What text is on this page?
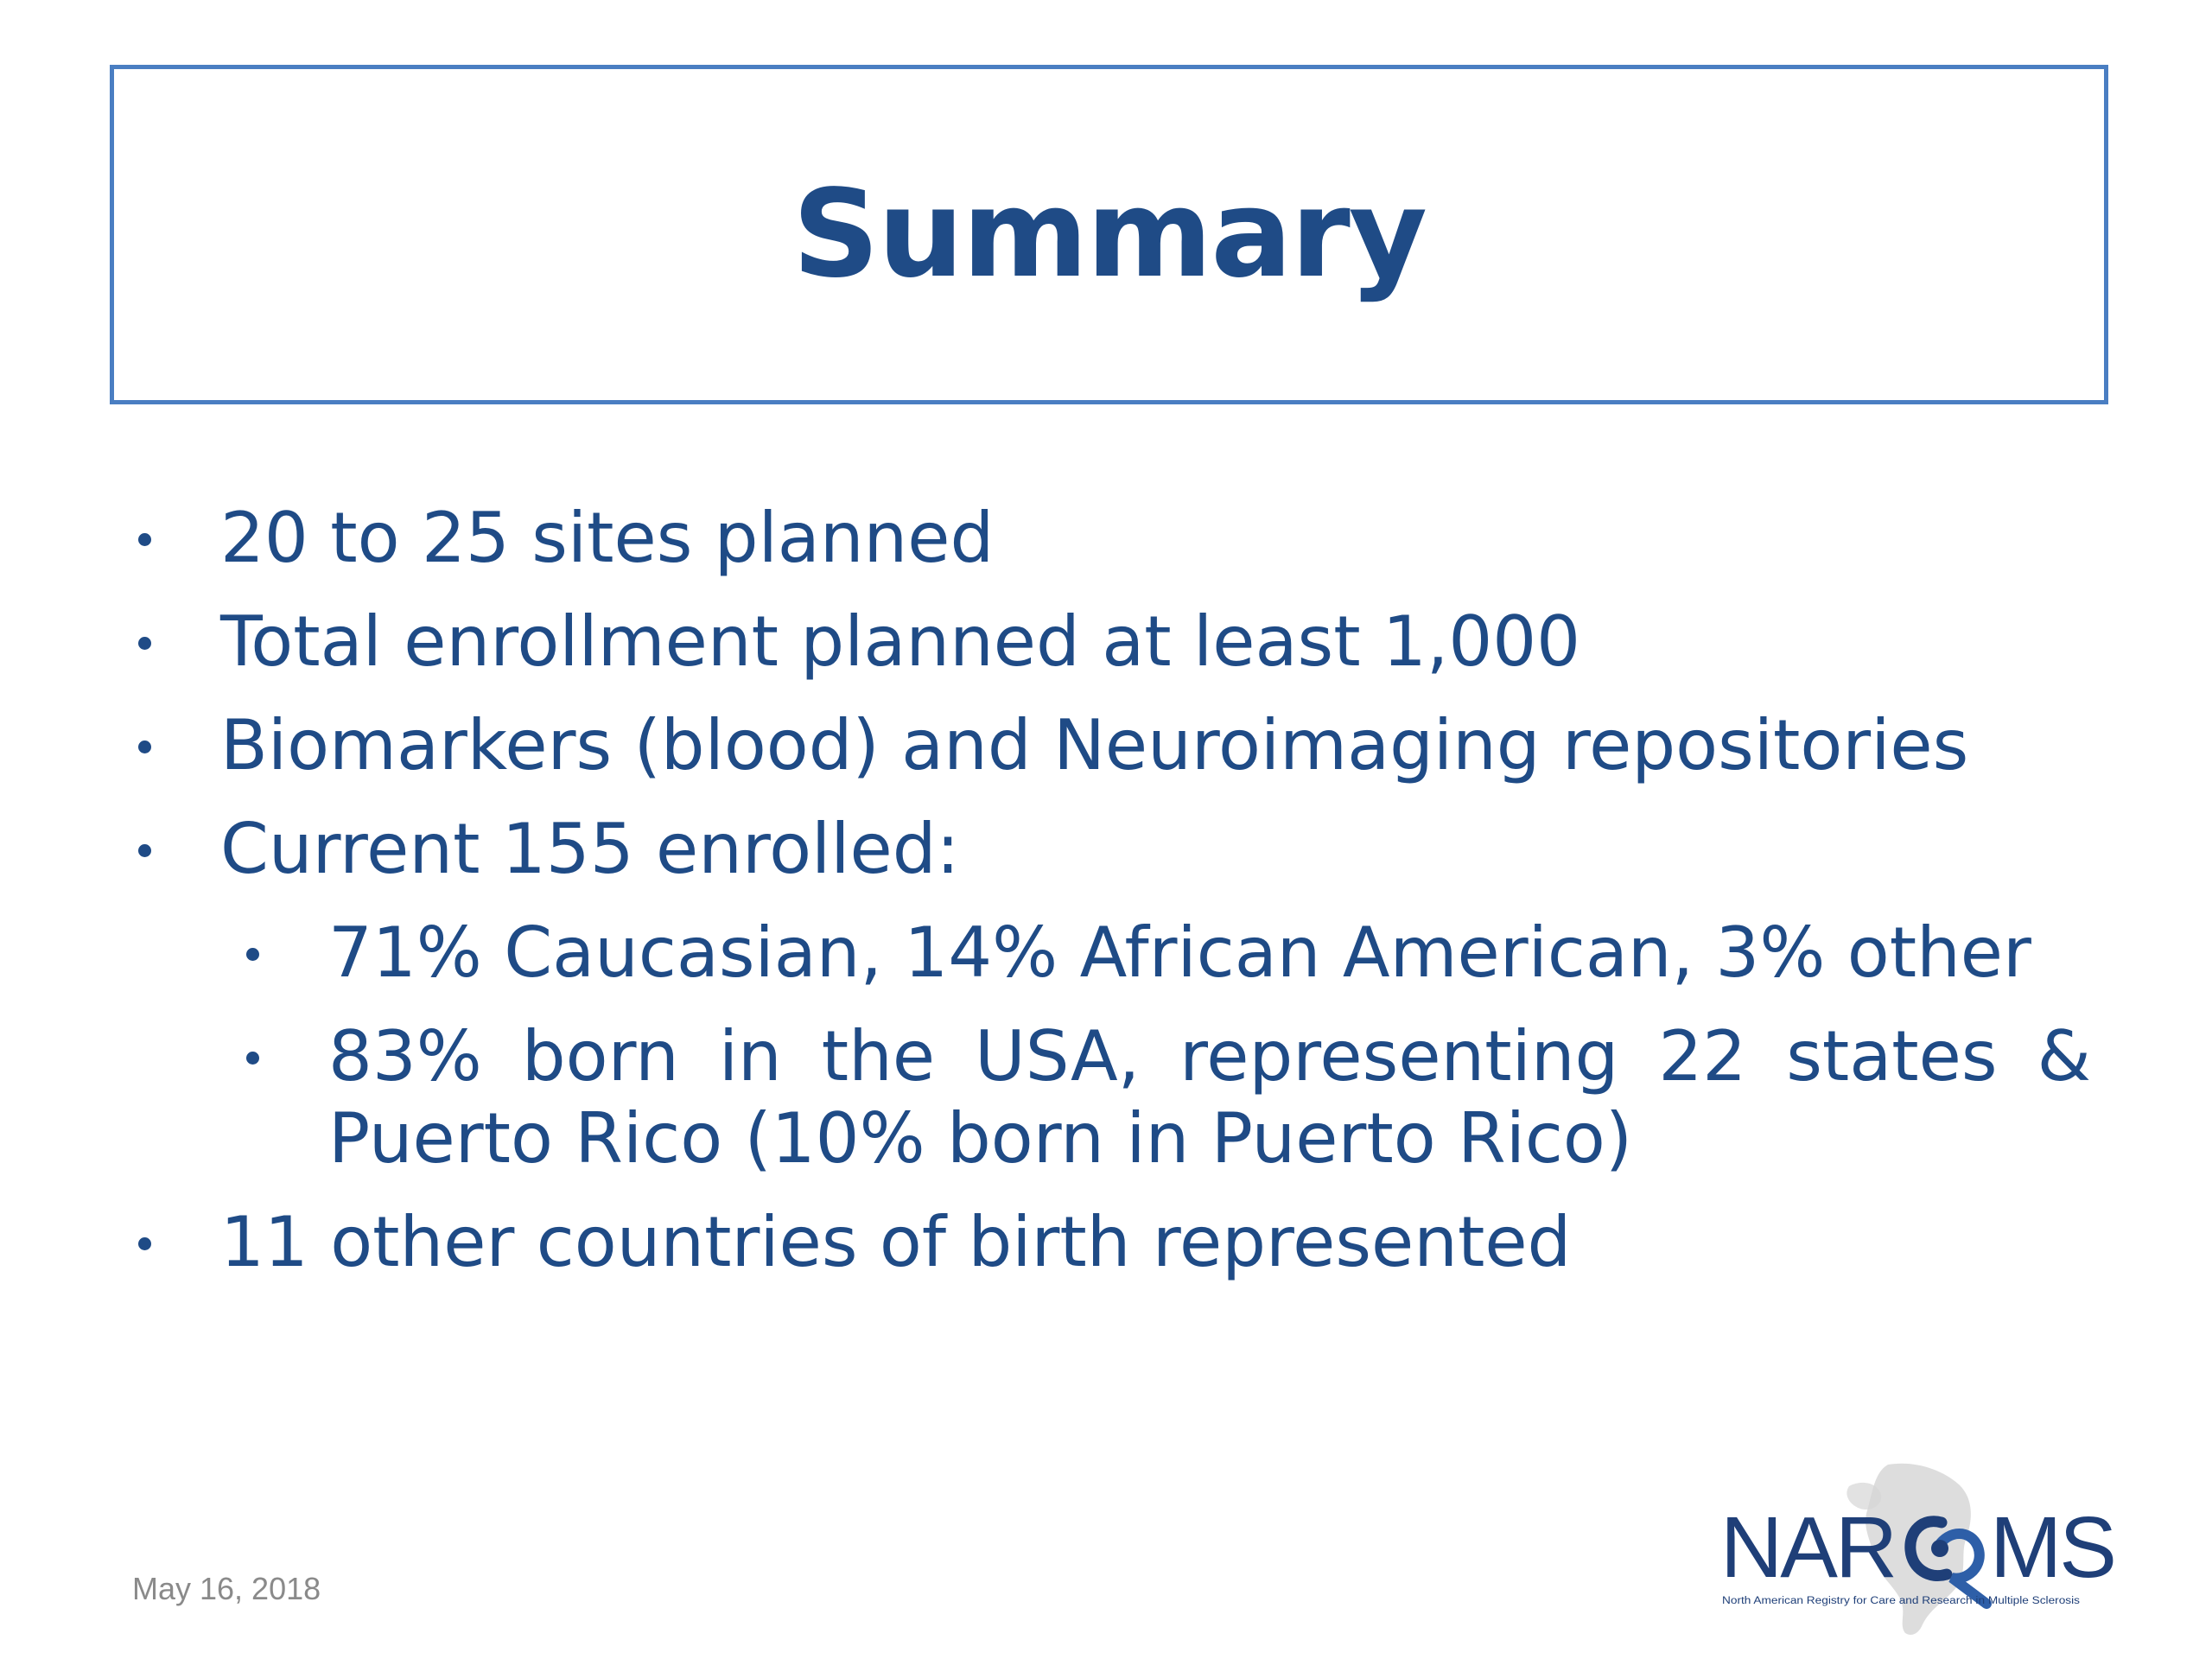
Summary
20 to 25 sites planned
Total enrollment planned at least 1,000
Biomarkers (blood) and Neuroimaging repositories
Current 155 enrolled:
71% Caucasian, 14% African American, 3% other
83% born in the USA, representing 22 states & Puerto Rico (10% born in Puerto Rico)
11 other countries of birth represented
May 16, 2018	NAR MS
North American Registry for Care and Research in Multiple Sclerosis
